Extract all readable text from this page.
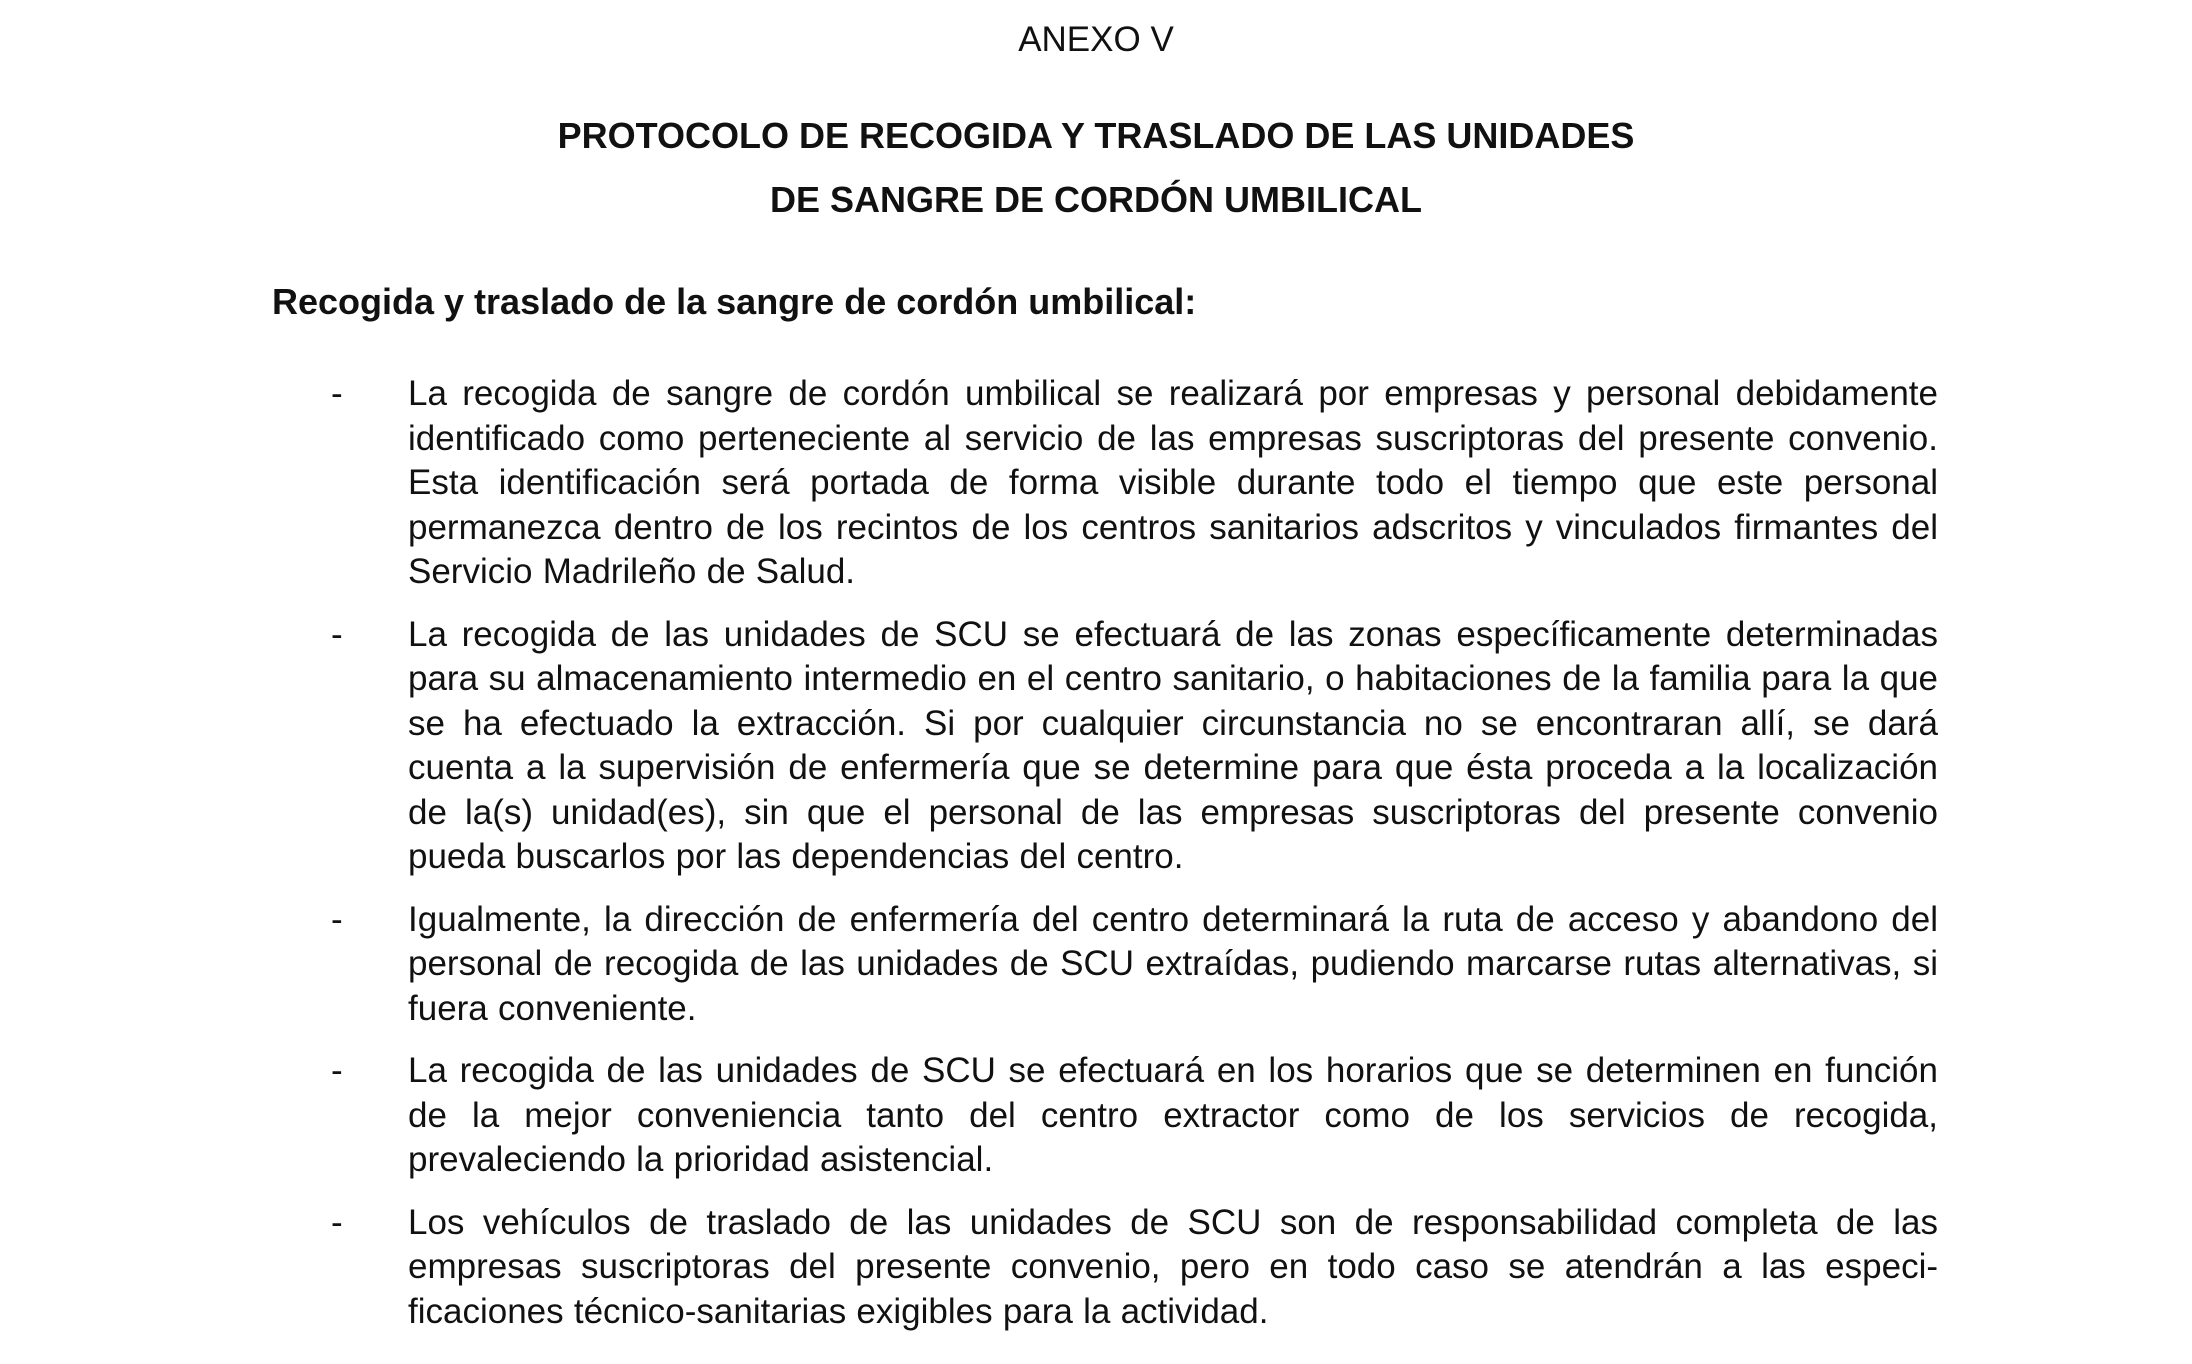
ANEXO V
PROTOCOLO DE RECOGIDA Y TRASLADO DE LAS UNIDADES
DE SANGRE DE CORDÓN UMBILICAL
Recogida y traslado de la sangre de cordón umbilical:
- La recogida de sangre de cordón umbilical se realizará por empresas y personal debidamente identificado como perteneciente al servicio de las empresas suscriptoras del presente convenio. Esta identificación será portada de forma visible durante todo el tiempo que este personal permanezca dentro de los recintos de los centros sanitarios adscritos y vinculados firmantes del Servicio Madrileño de Salud.
- La recogida de las unidades de SCU se efectuará de las zonas específicamente determinadas para su almacenamiento intermedio en el centro sanitario, o habitaciones de la familia para la que se ha efectuado la extracción. Si por cualquier circunstancia no se encontraran allí, se dará cuenta a la supervisión de enfermería que se determine para que ésta proceda a la localización de la(s) unidad(es), sin que el personal de las empresas suscriptoras del presente convenio pueda buscarlos por las dependencias del centro.
- Igualmente, la dirección de enfermería del centro determinará la ruta de acceso y abandono del personal de recogida de las unidades de SCU extraídas, pudiendo marcarse rutas alternativas, si fuera conveniente.
- La recogida de las unidades de SCU se efectuará en los horarios que se determinen en función de la mejor conveniencia tanto del centro extractor como de los servicios de recogida, prevaleciendo la prioridad asistencial.
- Los vehículos de traslado de las unidades de SCU son de responsabilidad completa de las empresas suscriptoras del presente convenio, pero en todo caso se atendrán a las especificaciones técnico-sanitarias exigibles para la actividad.
